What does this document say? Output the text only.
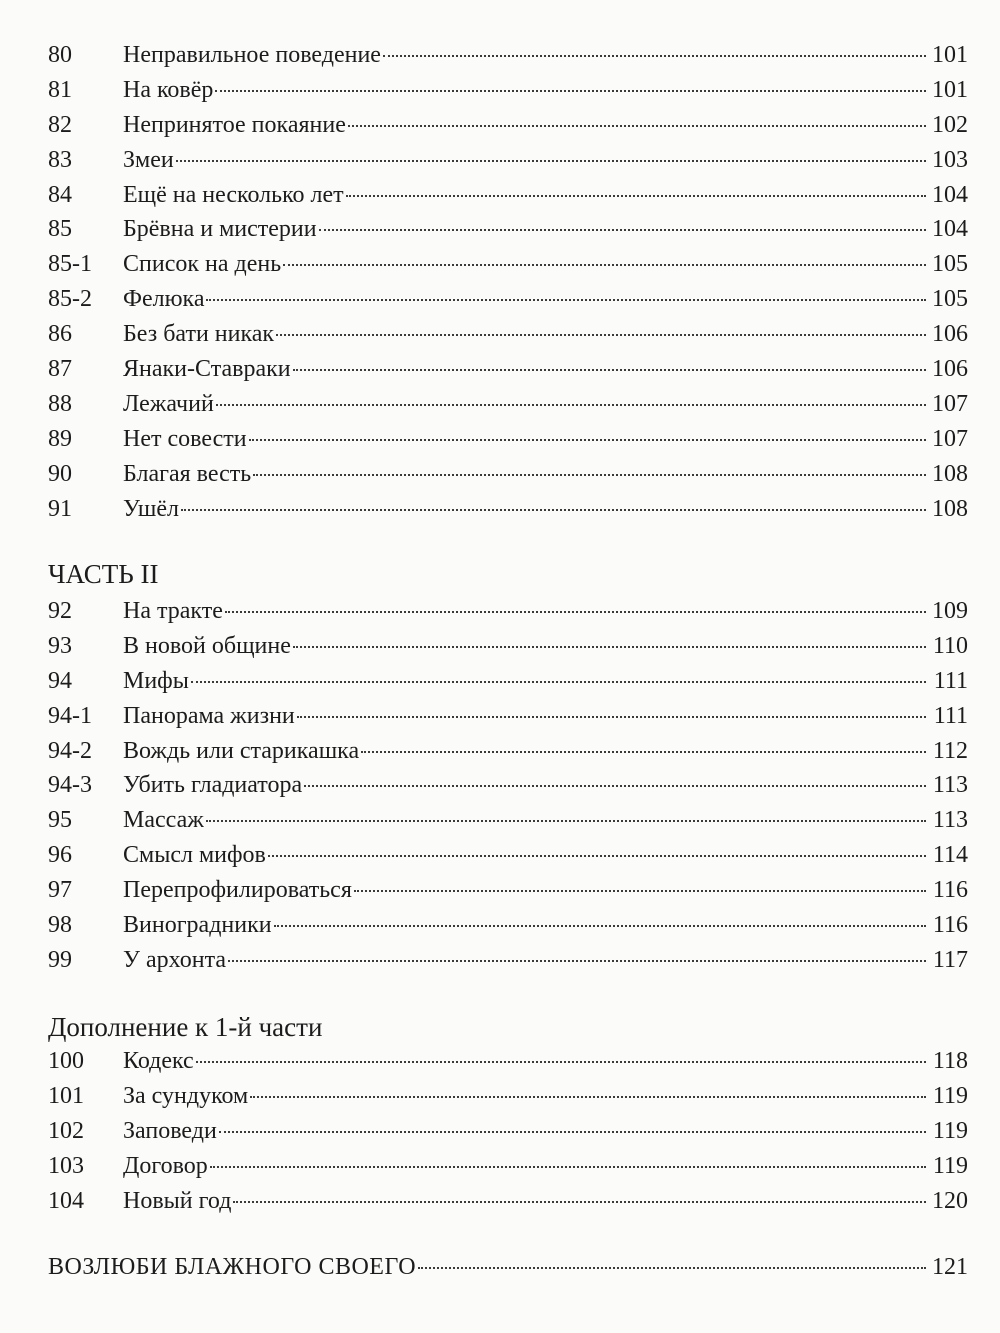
80	Неправильное поведение	101
81	На ковёр	101
82	Непринятое покаяние	102
83	Змеи	103
84	Ещё на несколько лет	104
85	Брёвна и мистерии	104
85-1	Список на день	105
85-2	Фелюка	105
86	Без бати никак	106
87	Янаки-Ставраки	106
88	Лежачий	107
89	Нет совести	107
90	Благая весть	108
91	Ушёл	108
ЧАСТЬ II
92	На тракте	109
93	В новой общине	110
94	Мифы	111
94-1	Панорама жизни	111
94-2	Вождь или старикашка	112
94-3	Убить гладиатора	113
95	Массаж	113
96	Смысл мифов	114
97	Перепрофилироваться	116
98	Виноградники	116
99	У архонта	117
Дополнение к 1-й части
100	Кодекс	118
101	За сундуком	119
102	Заповеди	119
103	Договор	119
104	Новый год	120
ВОЗЛЮБИ БЛАЖНОГО СВОЕГО	121
